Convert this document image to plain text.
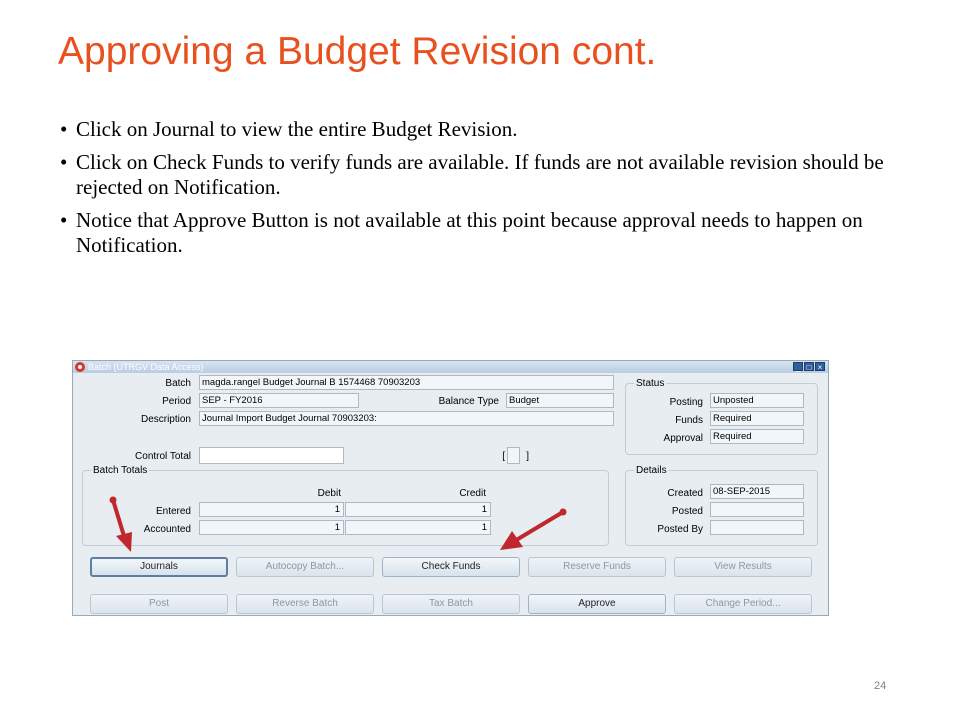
Approving a Budget Revision cont.
• Click on Journal to view the entire Budget Revision.
• Click on Check Funds to verify funds are available. If funds are not available revision should be rejected on Notification.
• Notice that Approve Button is not available at this point because approval needs to happen on Notification.
Batch (UTRGV Data Access)	_ □ ×
Batch	magda.rangel Budget Journal B 1574468 70903203
Period	SEP - FY2016	Balance Type	Budget
Description	Journal Import Budget Journal 70903203:
Control Total	[	]
Status
Posting	Unposted
Funds	Required
Approval	Required
Batch Totals
Debit	Credit
Entered	1	1
Accounted	1	1
Details
Created	08-SEP-2015
Posted
Posted By
Journals	Autocopy Batch...	Check Funds	Reserve Funds	View Results
Post	Reverse Batch	Tax Batch	Approve	Change Period...
24
